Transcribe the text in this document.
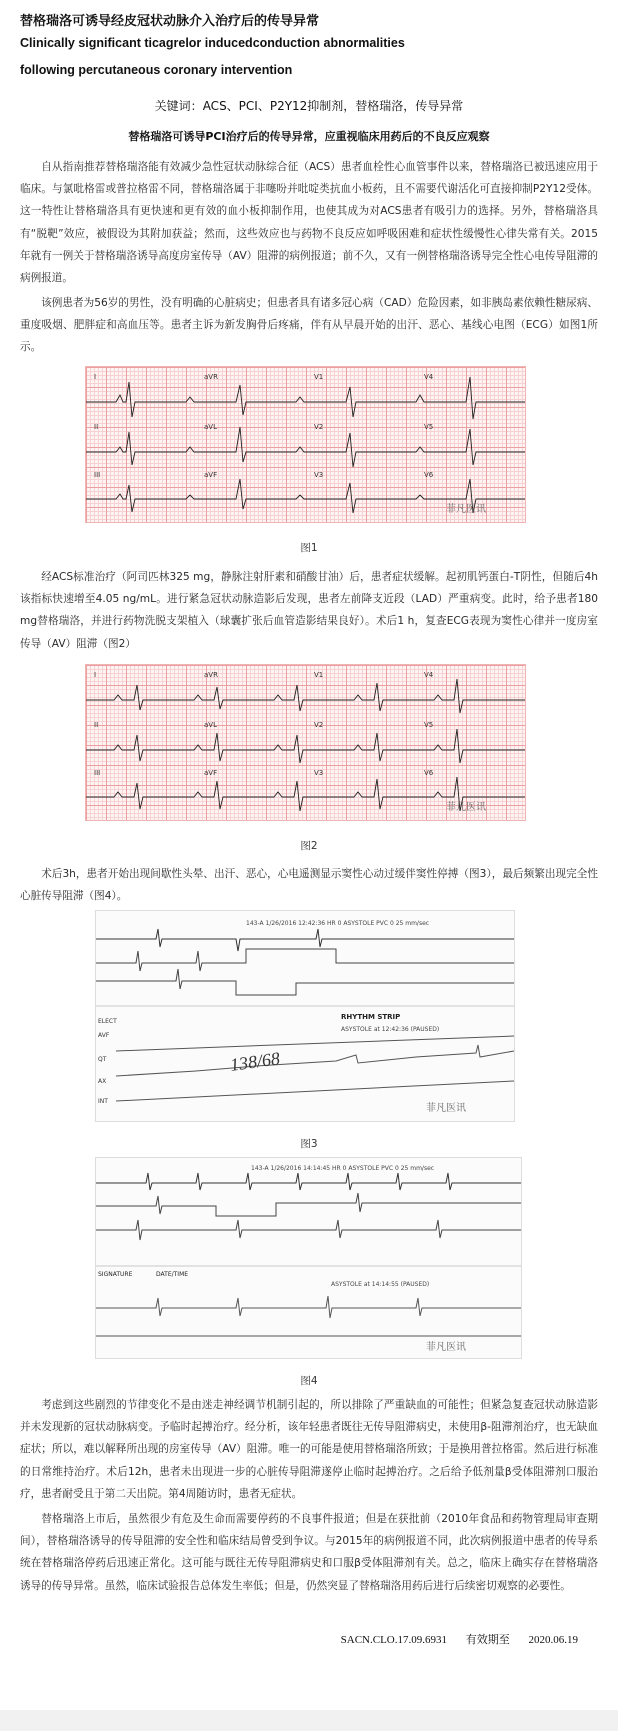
替格瑞洛可诱导经皮冠状动脉介入治疗后的传导异常
Clinically significant ticagrelor inducedconduction abnormalities
following percutaneous coronary intervention
关键词：ACS、PCI、P2Y12抑制剂，替格瑞洛，传导异常
替格瑞洛可诱导PCI治疗后的传导异常，应重视临床用药后的不良反应观察

自从指南推荐替格瑞洛能有效减少急性冠状动脉综合征（ACS）患者血栓性心血管事件以来，替格瑞洛已被迅速应用于临床。与氯吡格雷或普拉格雷不同，替格瑞洛属于非噻吩并吡啶类抗血小板药，且不需要代谢活化可直接抑制P2Y12受体。这一特性让替格瑞洛具有更快速和更有效的血小板抑制作用，也使其成为对ACS患者有吸引力的选择。另外，替格瑞洛具有“脱靶”效应，被假设为其附加获益；然而，这些效应也与药物不良反应如呼吸困难和症状性缓慢性心律失常有关。2015年就有一例关于替格瑞洛诱导高度房室传导（AV）阻滞的病例报道；前不久，又有一例替格瑞洛诱导完全性心电传导阻滞的病例报道。

该例患者为56岁的男性，没有明确的心脏病史；但患者具有诸多冠心病（CAD）危险因素，如非胰岛素依赖性糖尿病、重度吸烟、肥胖症和高血压等。患者主诉为新发胸骨后疼痛，伴有从早晨开始的出汗、恶心、基线心电图（ECG）如图1所示。

I	aVR	V1	V4
II	aVL	V2	V5
III	aVF	V3	V6
菲凡医讯
图1

经ACS标准治疗（阿司匹林325 mg，静脉注射肝素和硝酸甘油）后，患者症状缓解。起初肌钙蛋白-T阴性，但随后4h该指标快速增至4.05 ng/mL。进行紧急冠状动脉造影后发现，患者左前降支近段（LAD）严重病变。此时，给予患者180 mg替格瑞洛，并进行药物洗脱支架植入（球囊扩张后血管造影结果良好）。术后1 h，复查ECG表现为窦性心律并一度房室传导（AV）阻滞（图2）

I	aVR	V1	V4
II	aVL	V2	V5
III	aVF	V3	V6
菲凡医讯
图2

术后3h，患者开始出现间歇性头晕、出汗、恶心，心电遥测显示窦性心动过缓伴窦性停搏（图3），最后频繁出现完全性心脏传导阻滞（图4）。

143-A 1/26/2016 12:42:36 HR 0 ASYSTOLE PVC 0 25 mm/sec
RHYTHM STRIP
ASYSTOLE at 12:42:36 (PAUSED)
ELECT
AVF
QT
AX
INT
138/68
菲凡医讯
图3
143-A 1/26/2016 14:14:45 HR 0 ASYSTOLE PVC 0 25 mm/sec
SIGNATURE	DATE/TIME
ASYSTOLE at 14:14:55 (PAUSED)
菲凡医讯
图4

考虑到这些剧烈的节律变化不是由迷走神经调节机制引起的，所以排除了严重缺血的可能性；但紧急复查冠状动脉造影并未发现新的冠状动脉病变。予临时起搏治疗。经分析，该年轻患者既往无传导阻滞病史，未使用β-阻滞剂治疗，也无缺血症状；所以，难以解释所出现的房室传导（AV）阻滞。唯一的可能是使用替格瑞洛所致；于是换用普拉格雷。然后进行标准的日常维持治疗。术后12h，患者未出现进一步的心脏传导阻滞遂停止临时起搏治疗。之后给予低剂量β受体阻滞剂口服治疗，患者耐受且于第二天出院。第4周随访时，患者无症状。

替格瑞洛上市后，虽然很少有危及生命而需要停药的不良事件报道；但是在获批前（2010年食品和药物管理局审查期间），替格瑞洛诱导的传导阻滞的安全性和临床结局曾受到争议。与2015年的病例报道不同，此次病例报道中患者的传导系统在替格瑞洛停药后迅速正常化。这可能与既往无传导阻滞病史和口服β受体阻滞剂有关。总之，临床上确实存在替格瑞洛诱导的传导异常。虽然，临床试验报告总体发生率低；但是，仍然突显了替格瑞洛用药后进行后续密切观察的必要性。

SACN.CLO.17.09.6931 有效期至 2020.06.19
